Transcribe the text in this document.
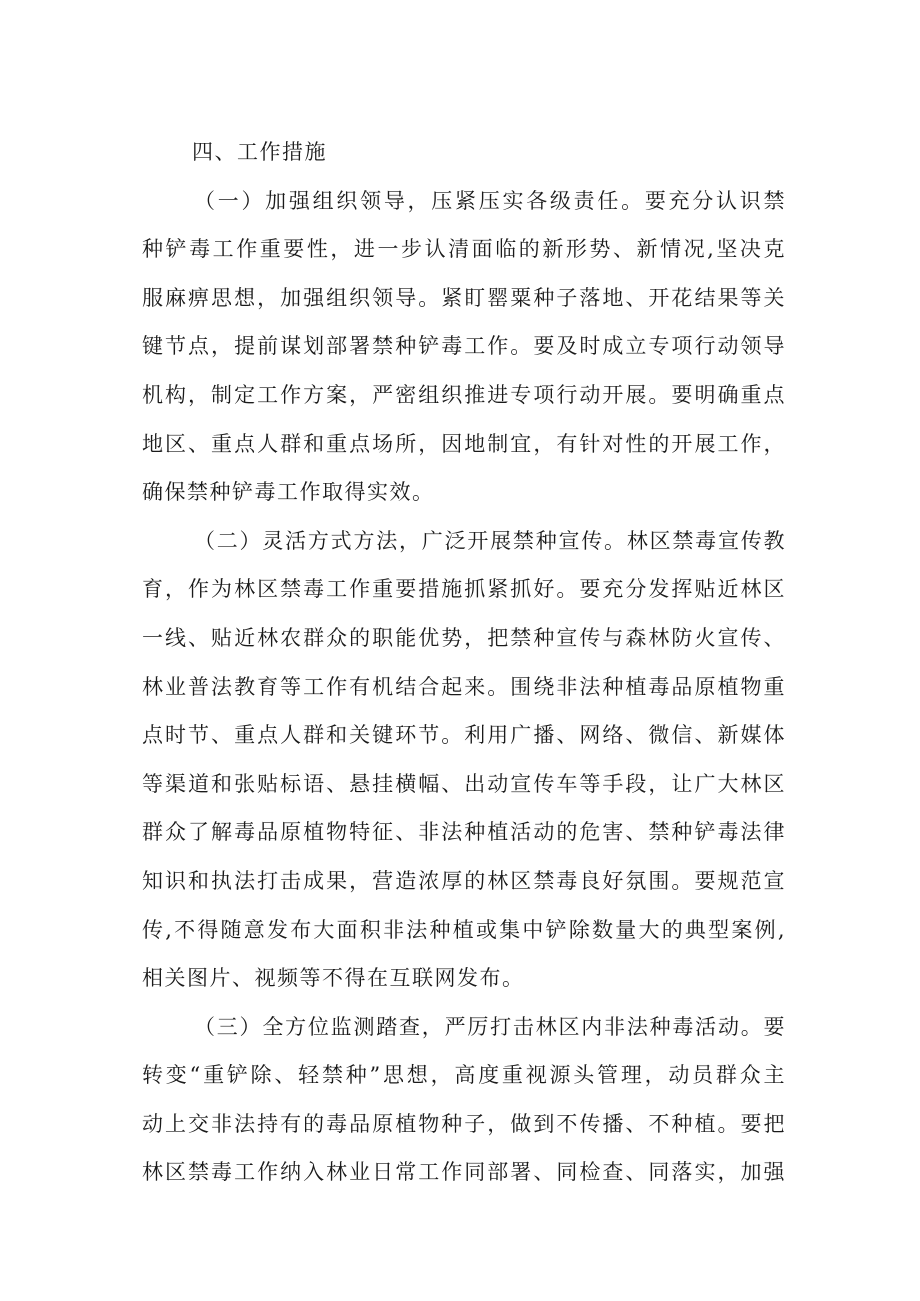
四、工作措施
（一）加强组织领导，压紧压实各级责任。要充分认识禁
种铲毒工作重要性，进一步认清面临的新形势、新情况,坚决克
服麻痹思想，加强组织领导。紧盯罂粟种子落地、开花结果等关
键节点，提前谋划部署禁种铲毒工作。要及时成立专项行动领导
机构，制定工作方案，严密组织推进专项行动开展。要明确重点
地区、重点人群和重点场所，因地制宜，有针对性的开展工作，
确保禁种铲毒工作取得实效。
（二）灵活方式方法，广泛开展禁种宣传。林区禁毒宣传教
育，作为林区禁毒工作重要措施抓紧抓好。要充分发挥贴近林区
一线、贴近林农群众的职能优势，把禁种宣传与森林防火宣传、
林业普法教育等工作有机结合起来。围绕非法种植毒品原植物重
点时节、重点人群和关键环节。利用广播、网络、微信、新媒体
等渠道和张贴标语、悬挂横幅、出动宣传车等手段，让广大林区
群众了解毒品原植物特征、非法种植活动的危害、禁种铲毒法律
知识和执法打击成果，营造浓厚的林区禁毒良好氛围。要规范宣
传,不得随意发布大面积非法种植或集中铲除数量大的典型案例,
相关图片、视频等不得在互联网发布。
（三）全方位监测踏查，严厉打击林区内非法种毒活动。要
转变“重铲除、轻禁种”思想，高度重视源头管理，动员群众主
动上交非法持有的毒品原植物种子，做到不传播、不种植。要把
林区禁毒工作纳入林业日常工作同部署、同检查、同落实，加强
